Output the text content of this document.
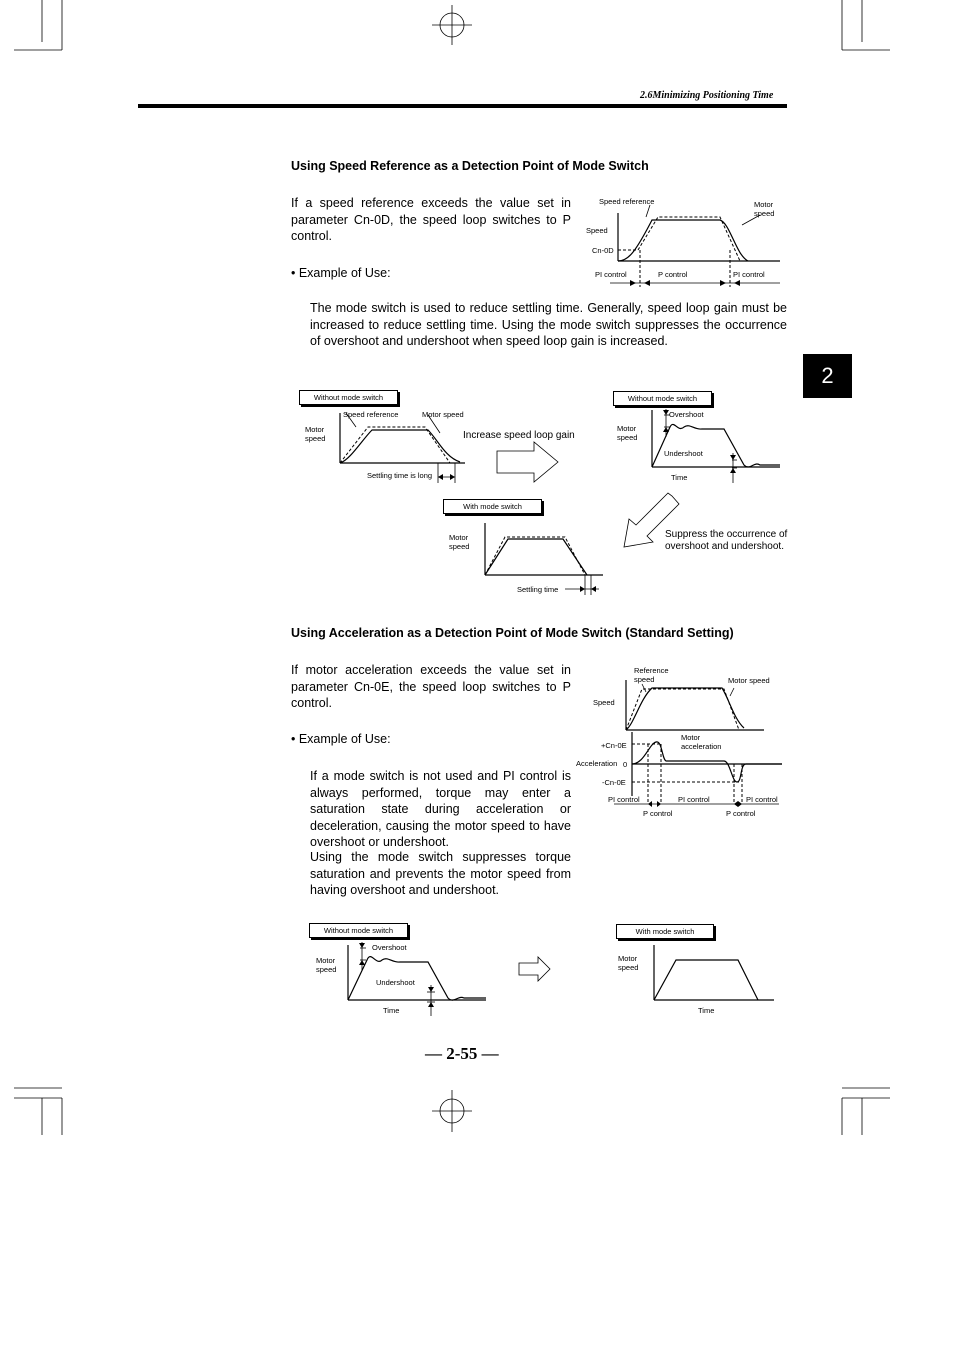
2.6Minimizing Positioning Time
2
Using Speed Reference as a Detection Point of Mode Switch
If a speed reference exceeds the value set in parameter Cn-0D, the speed loop switches to P control.
• Example of Use:
The mode switch is used to reduce settling time. Generally, speed loop gain must be increased to reduce settling time. Using the mode switch suppresses the occurrence of overshoot and undershoot when speed loop gain is increased.
Speed reference	Motor speed
Speed
Cn-0D
PI control	P control	PI control
Without mode switch
Speed reference	Motor speed
Motor speed
Settling time is long
Increase speed loop gain
Without mode switch
Overshoot
Motor speed
Undershoot
Time
With mode switch
Motor speed
Settling time
Suppress the occurrence of overshoot and undershoot.
Using Acceleration as a Detection Point of Mode Switch (Standard Setting)
If motor acceleration exceeds the value set in parameter Cn-0E, the speed loop switches to P control.
• Example of Use:
If a mode switch is not used and PI control is always performed, torque may enter a saturation state during acceleration or deceleration, causing the motor speed to have overshoot or undershoot.
Using the mode switch suppresses torque saturation and prevents the motor speed from having overshoot and undershoot.
Reference speed	Motor speed
Speed
Motor acceleration
+Cn-0E
Acceleration 0
-Cn-0E
PI control	PI control	PI control
P control	P control
Without mode switch
Overshoot
Motor speed
Undershoot
Time
With mode switch
Motor speed
Time
— 2-55 —
